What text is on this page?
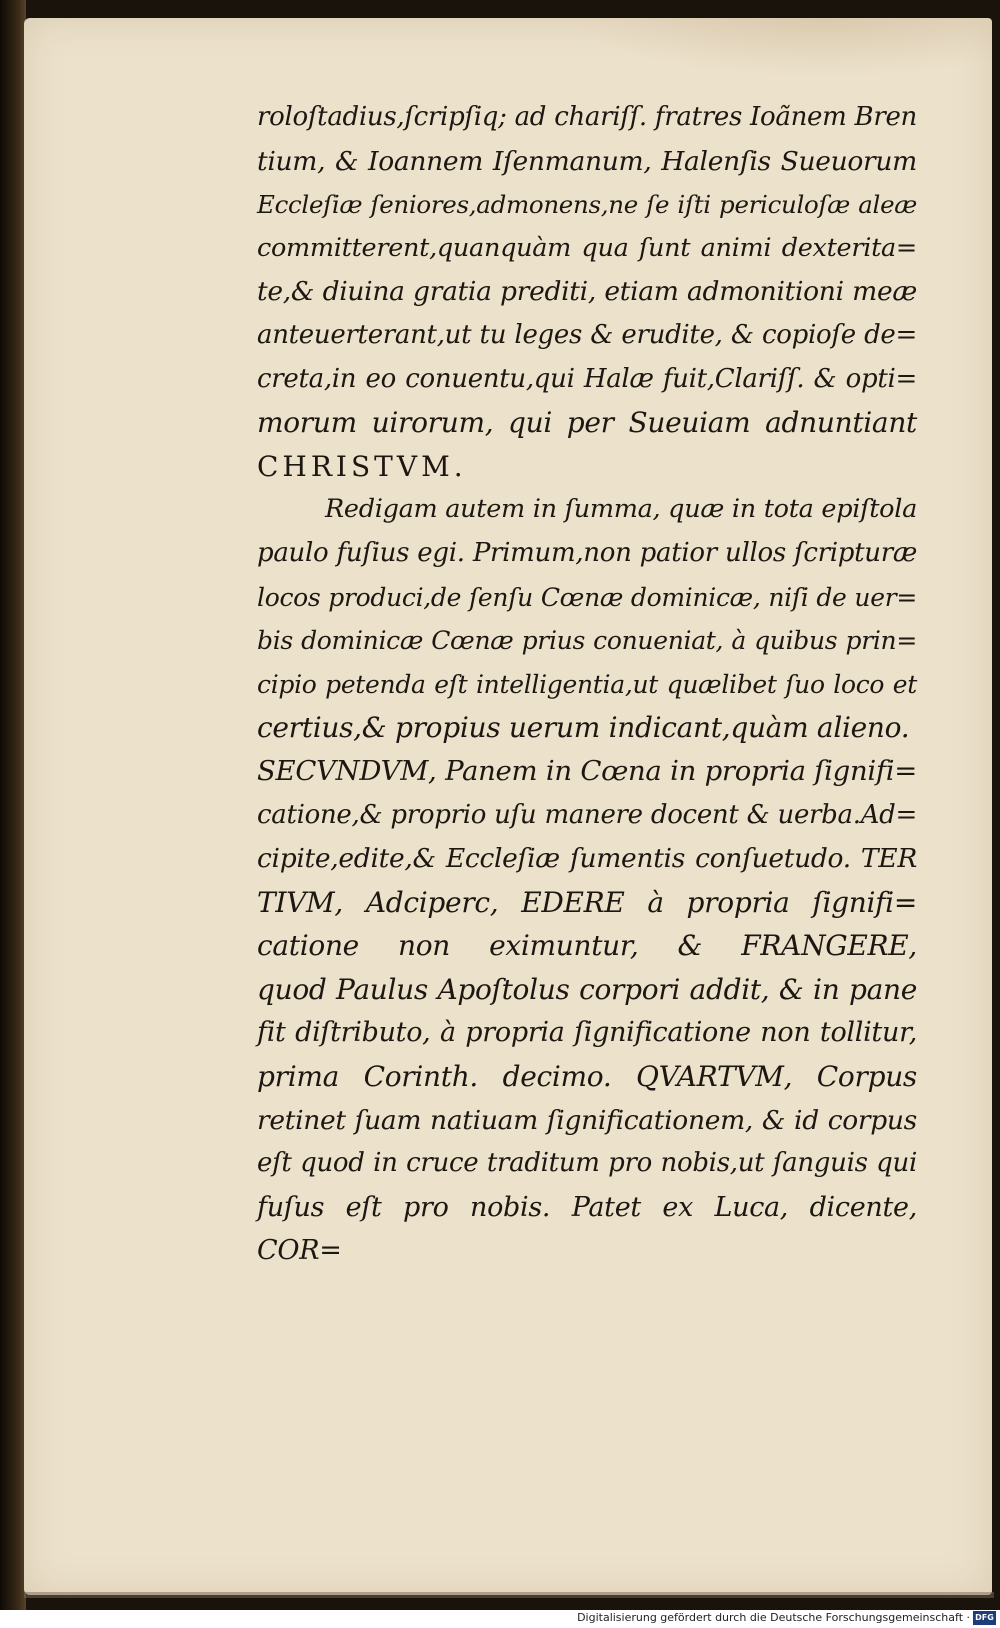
roloſtadius,ſcripſiq; ad chariſſ. fratres Ioãnem Bren
tium, & Ioannem Iſenmanum, Halenſis Sueuorum
Eccleſiæ ſeniores,admonens,ne ſe iſti periculoſæ aleæ
committerent,quanquàm qua ſunt animi dexterita=
te,& diuina gratia prediti, etiam admonitioni meæ
anteuerterant,ut tu leges & erudite, & copioſe de=
creta,in eo conuentu,qui Halæ fuit,Clariſſ. & opti=
morum uirorum, qui per Sueuiam adnuntiant
CHRISTVM.
Redigam autem in ſumma, quæ in tota epiſtola
paulo fuſius egi. Primum,non patior ullos ſcripturæ
locos produci,de ſenſu Cœnæ dominicæ, niſi de uer=
bis dominicæ Cœnæ prius conueniat, à quibus prin=
cipio petenda eſt intelligentia,ut quælibet ſuo loco et
certius,& propius uerum indicant,quàm alieno.
SECVNDVM, Panem in Cœna in propria ſignifi=
catione,& proprio uſu manere docent & uerba.Ad=
cipite,edite,& Eccleſiæ ſumentis conſuetudo. TER
TIVM, Adciperc, EDERE à propria ſignifi=
catione non eximuntur, & FRANGERE,
quod Paulus Apoſtolus corpori addit, & in pane
fit diſtributo, à propria ſignificatione non tollitur,
prima Corinth. decimo. QVARTVM, Corpus
retinet ſuam natiuam ſignificationem, & id corpus
eſt quod in cruce traditum pro nobis,ut ſanguis qui
fuſus eſt pro nobis. Patet ex Luca, dicente, COR=
Digitalisierung gefördert durch die Deutsche Forschungsgemeinschaft · DFG
